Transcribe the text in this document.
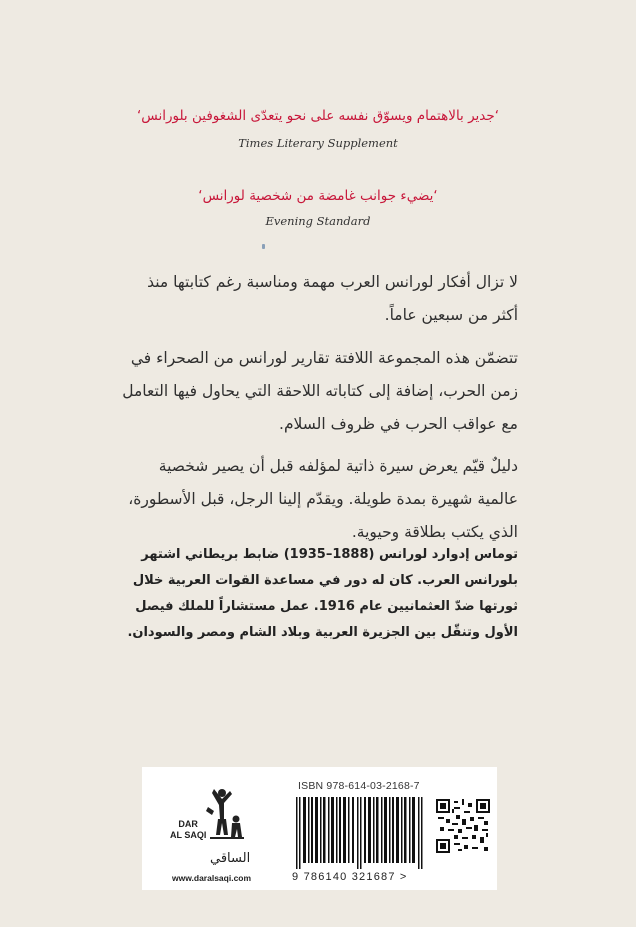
‘جدير بالاهتمام ويسوّق نفسه على نحو يتعدّى الشغوفين بلورانس‘
Times Literary Supplement
‘يضيء جوانب غامضة من شخصية لورانس‘
Evening Standard
لا تزال أفكار لورانس العرب مهمة ومناسبة رغم كتابتها منذ أكثر من سبعين عاماً.
تتضمّن هذه المجموعة اللافتة تقارير لورانس من الصحراء في زمن الحرب، إضافة إلى كتاباته اللاحقة التي يحاول فيها التعامل مع عواقب الحرب في ظروف السلام.
دليلٌ قيّم يعرض سيرة ذاتية لمؤلفه قبل أن يصير شخصية عالمية شهيرة بمدة طويلة. ويقدّم إلينا الرجل، قبل الأسطورة، الذي يكتب بطلاقة وحيوية.
توماس إدوارد لورانس (1888–1935) ضابط بريطاني اشتهر بلورانس العرب. كان له دور في مساعدة القوات العربية خلال ثورتها ضدّ العثمانيين عام 1916. عمل مستشاراً للملك فيصل الأول وتنقّل بين الجزيرة العربية وبلاد الشام ومصر والسودان.
DAR
AL SAQI
الساقي
www.daralsaqi.com
ISBN 978-614-03-2168-7
9 786140 321687 >
